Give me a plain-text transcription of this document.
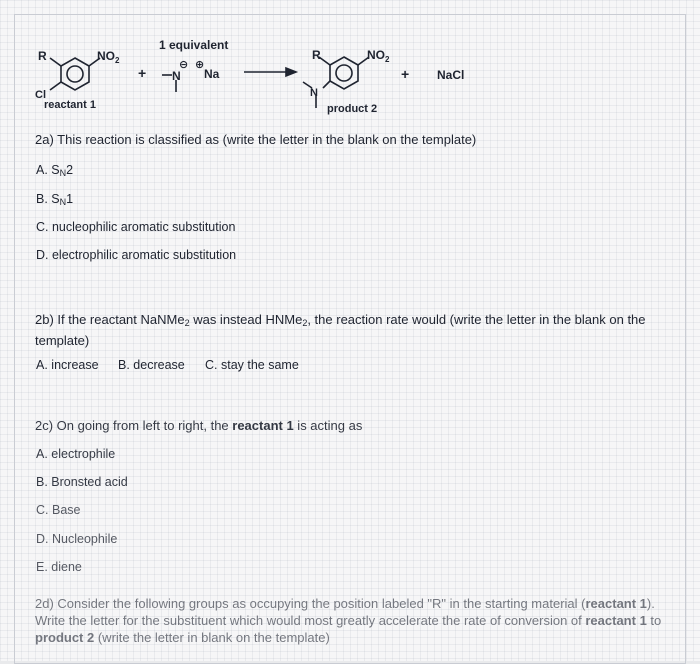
R	$NO_2$
Cl
reactant 1
+
1 equivalent
N
⊖ ⊕
Na
R	$NO_2$
N
product 2
+ NaCl
2a) This reaction is classified as (write the letter in the blank on the template)
A. $S_N2$
B. $S_N1$
C. nucleophilic aromatic substitution
D. electrophilic aromatic substitution
2b) If the reactant NaNMe$_2$ was instead HNMe$_2$, the reaction rate would (write the letter in the blank on the template)
A. increase B. decrease C. stay the same
2c) On going from left to right, the reactant 1 is acting as
A. electrophile
B. Bronsted acid
C. Base
D. Nucleophile
E. diene
2d) Consider the following groups as occupying the position labeled "R" in the starting material (reactant 1). Write the letter for the substituent which would most greatly accelerate the rate of conversion of reactant 1 to product 2 (write the letter in blank on the template)
